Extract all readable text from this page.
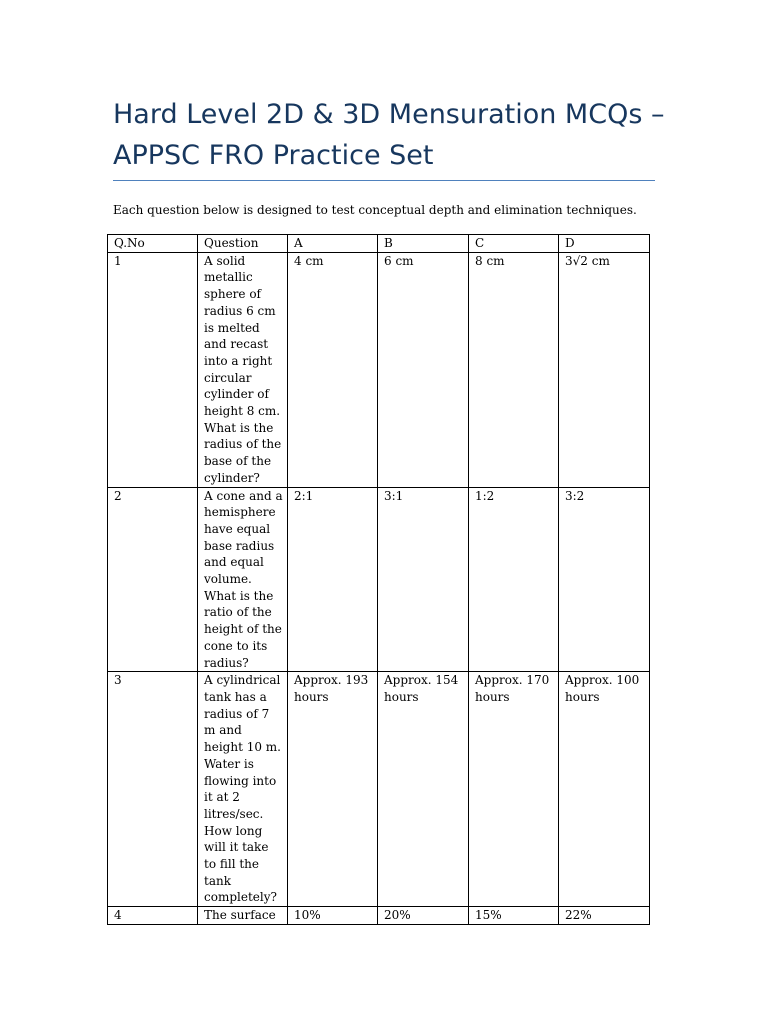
Hard Level 2D & 3D Mensuration MCQs – APPSC FRO Practice Set

Each question below is designed to test conceptual depth and elimination techniques.

Q.No	Question	A	B	C	D
1	A solid metallic sphere of radius 6 cm is melted and recast into a right circular cylinder of height 8 cm. What is the radius of the base of the cylinder?	4 cm	6 cm	8 cm	3√2 cm
2	A cone and a hemisphere have equal base radius and equal volume. What is the ratio of the height of the cone to its radius?	2:1	3:1	1:2	3:2
3	A cylindrical tank has a radius of 7 m and height 10 m. Water is flowing into it at 2 litres/sec. How long will it take to fill the tank completely?	Approx. 193 hours	Approx. 154 hours	Approx. 170 hours	Approx. 100 hours
4	The surface	10%	20%	15%	22%
